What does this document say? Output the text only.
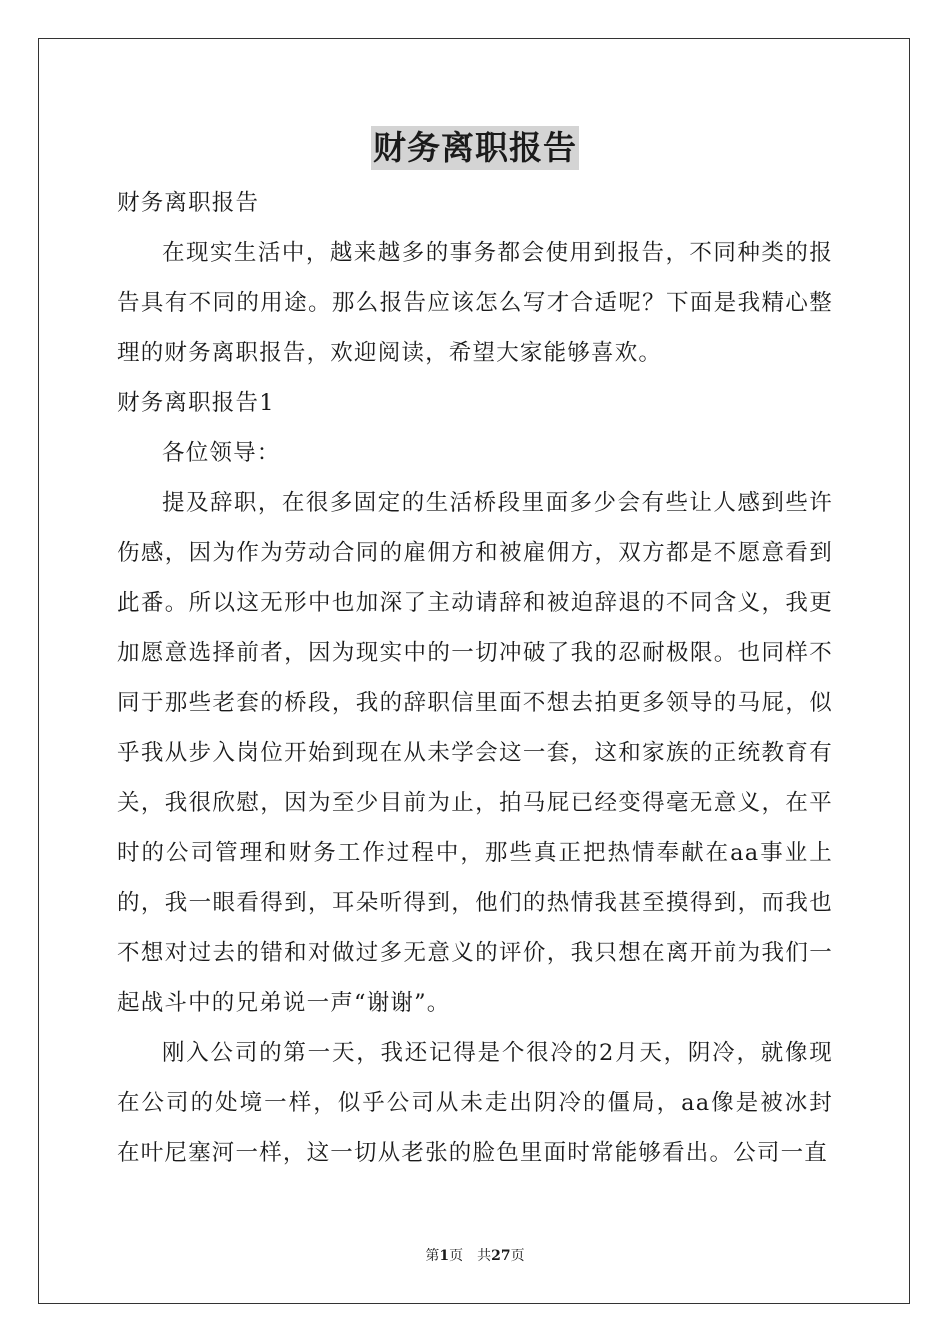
财务离职报告

财务离职报告

在现实生活中，越来越多的事务都会使用到报告，不同种类的报告具有不同的用途。那么报告应该怎么写才合适呢？下面是我精心整理的财务离职报告，欢迎阅读，希望大家能够喜欢。

财务离职报告1

各位领导：

提及辞职，在很多固定的生活桥段里面多少会有些让人感到些许伤感，因为作为劳动合同的雇佣方和被雇佣方，双方都是不愿意看到此番。所以这无形中也加深了主动请辞和被迫辞退的不同含义，我更加愿意选择前者，因为现实中的一切冲破了我的忍耐极限。也同样不同于那些老套的桥段，我的辞职信里面不想去拍更多领导的马屁，似乎我从步入岗位开始到现在从未学会这一套，这和家族的正统教育有关，我很欣慰，因为至少目前为止，拍马屁已经变得毫无意义，在平时的公司管理和财务工作过程中，那些真正把热情奉献在aa事业上的，我一眼看得到，耳朵听得到，他们的热情我甚至摸得到，而我也不想对过去的错和对做过多无意义的评价，我只想在离开前为我们一起战斗中的兄弟说一声“谢谢”。

刚入公司的第一天，我还记得是个很冷的2月天，阴冷，就像现在公司的处境一样，似乎公司从未走出阴冷的僵局，aa像是被冰封在叶尼塞河一样，这一切从老张的脸色里面时常能够看出。公司一直

第1页 共27页
